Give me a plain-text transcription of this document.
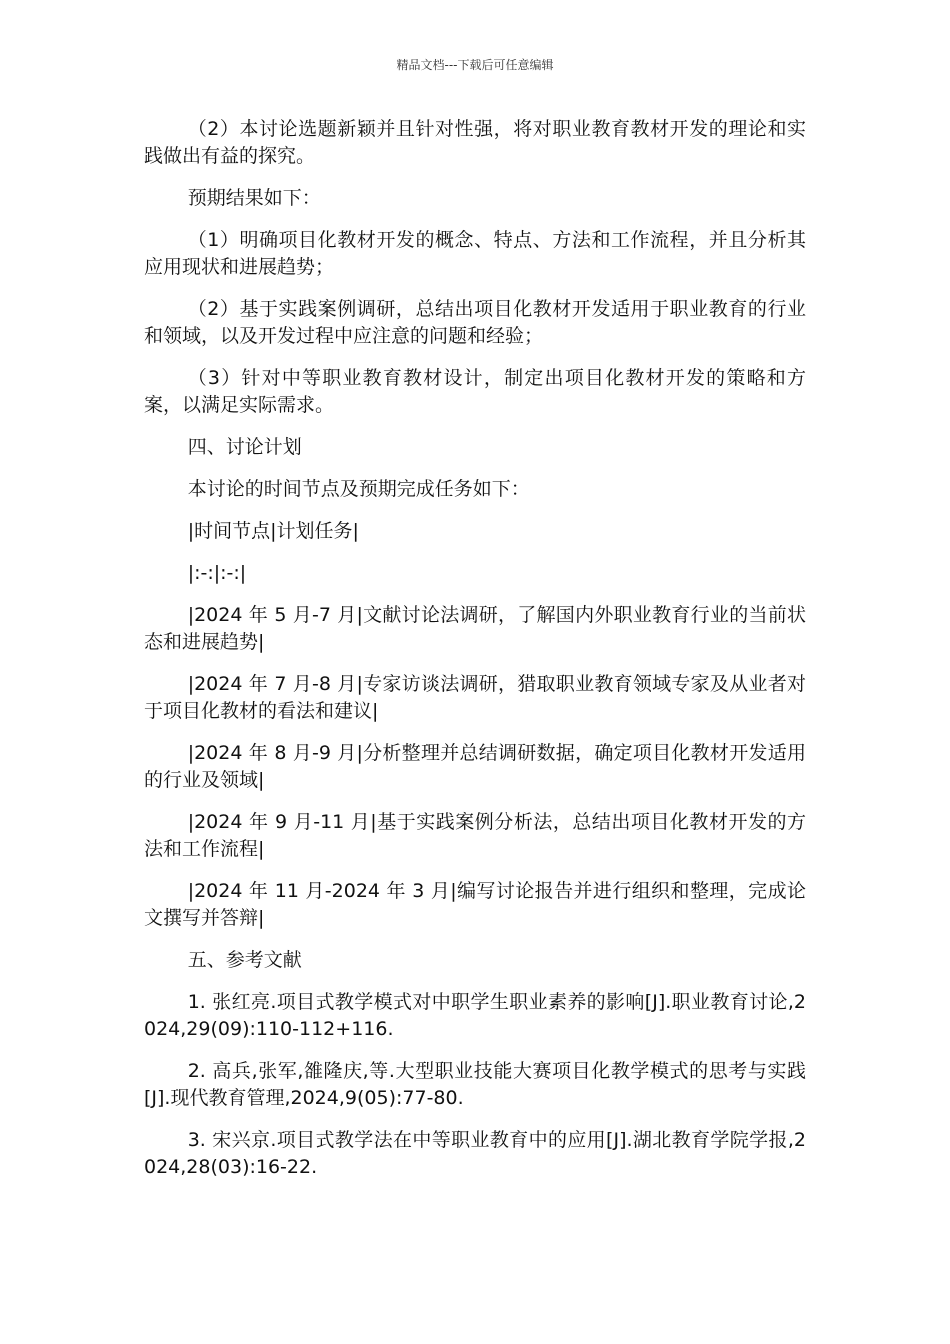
精品文档---下载后可任意编辑

（2）本讨论选题新颖并且针对性强，将对职业教育教材开发的理论和实践做出有益的探究。

预期结果如下：

（1）明确项目化教材开发的概念、特点、方法和工作流程，并且分析其应用现状和进展趋势；

（2）基于实践案例调研，总结出项目化教材开发适用于职业教育的行业和领域，以及开发过程中应注意的问题和经验；

（3）针对中等职业教育教材设计，制定出项目化教材开发的策略和方案，以满足实际需求。

四、讨论计划

本讨论的时间节点及预期完成任务如下：

|时间节点|计划任务|

|:-:|:-:|

|2024 年 5 月-7 月|文献讨论法调研，了解国内外职业教育行业的当前状态和进展趋势|

|2024 年 7 月-8 月|专家访谈法调研，猎取职业教育领域专家及从业者对于项目化教材的看法和建议|

|2024 年 8 月-9 月|分析整理并总结调研数据，确定项目化教材开发适用的行业及领域|

|2024 年 9 月-11 月|基于实践案例分析法，总结出项目化教材开发的方法和工作流程|

|2024 年 11 月-2024 年 3 月|编写讨论报告并进行组织和整理，完成论文撰写并答辩|

五、参考文献

1. 张红亮.项目式教学模式对中职学生职业素养的影响[J].职业教育讨论,2024,29(09):110-112+116.

2. 高兵,张军,雒隆庆,等.大型职业技能大赛项目化教学模式的思考与实践[J].现代教育管理,2024,9(05):77-80.

3. 宋兴京.项目式教学法在中等职业教育中的应用[J].湖北教育学院学报,2024,28(03):16-22.
